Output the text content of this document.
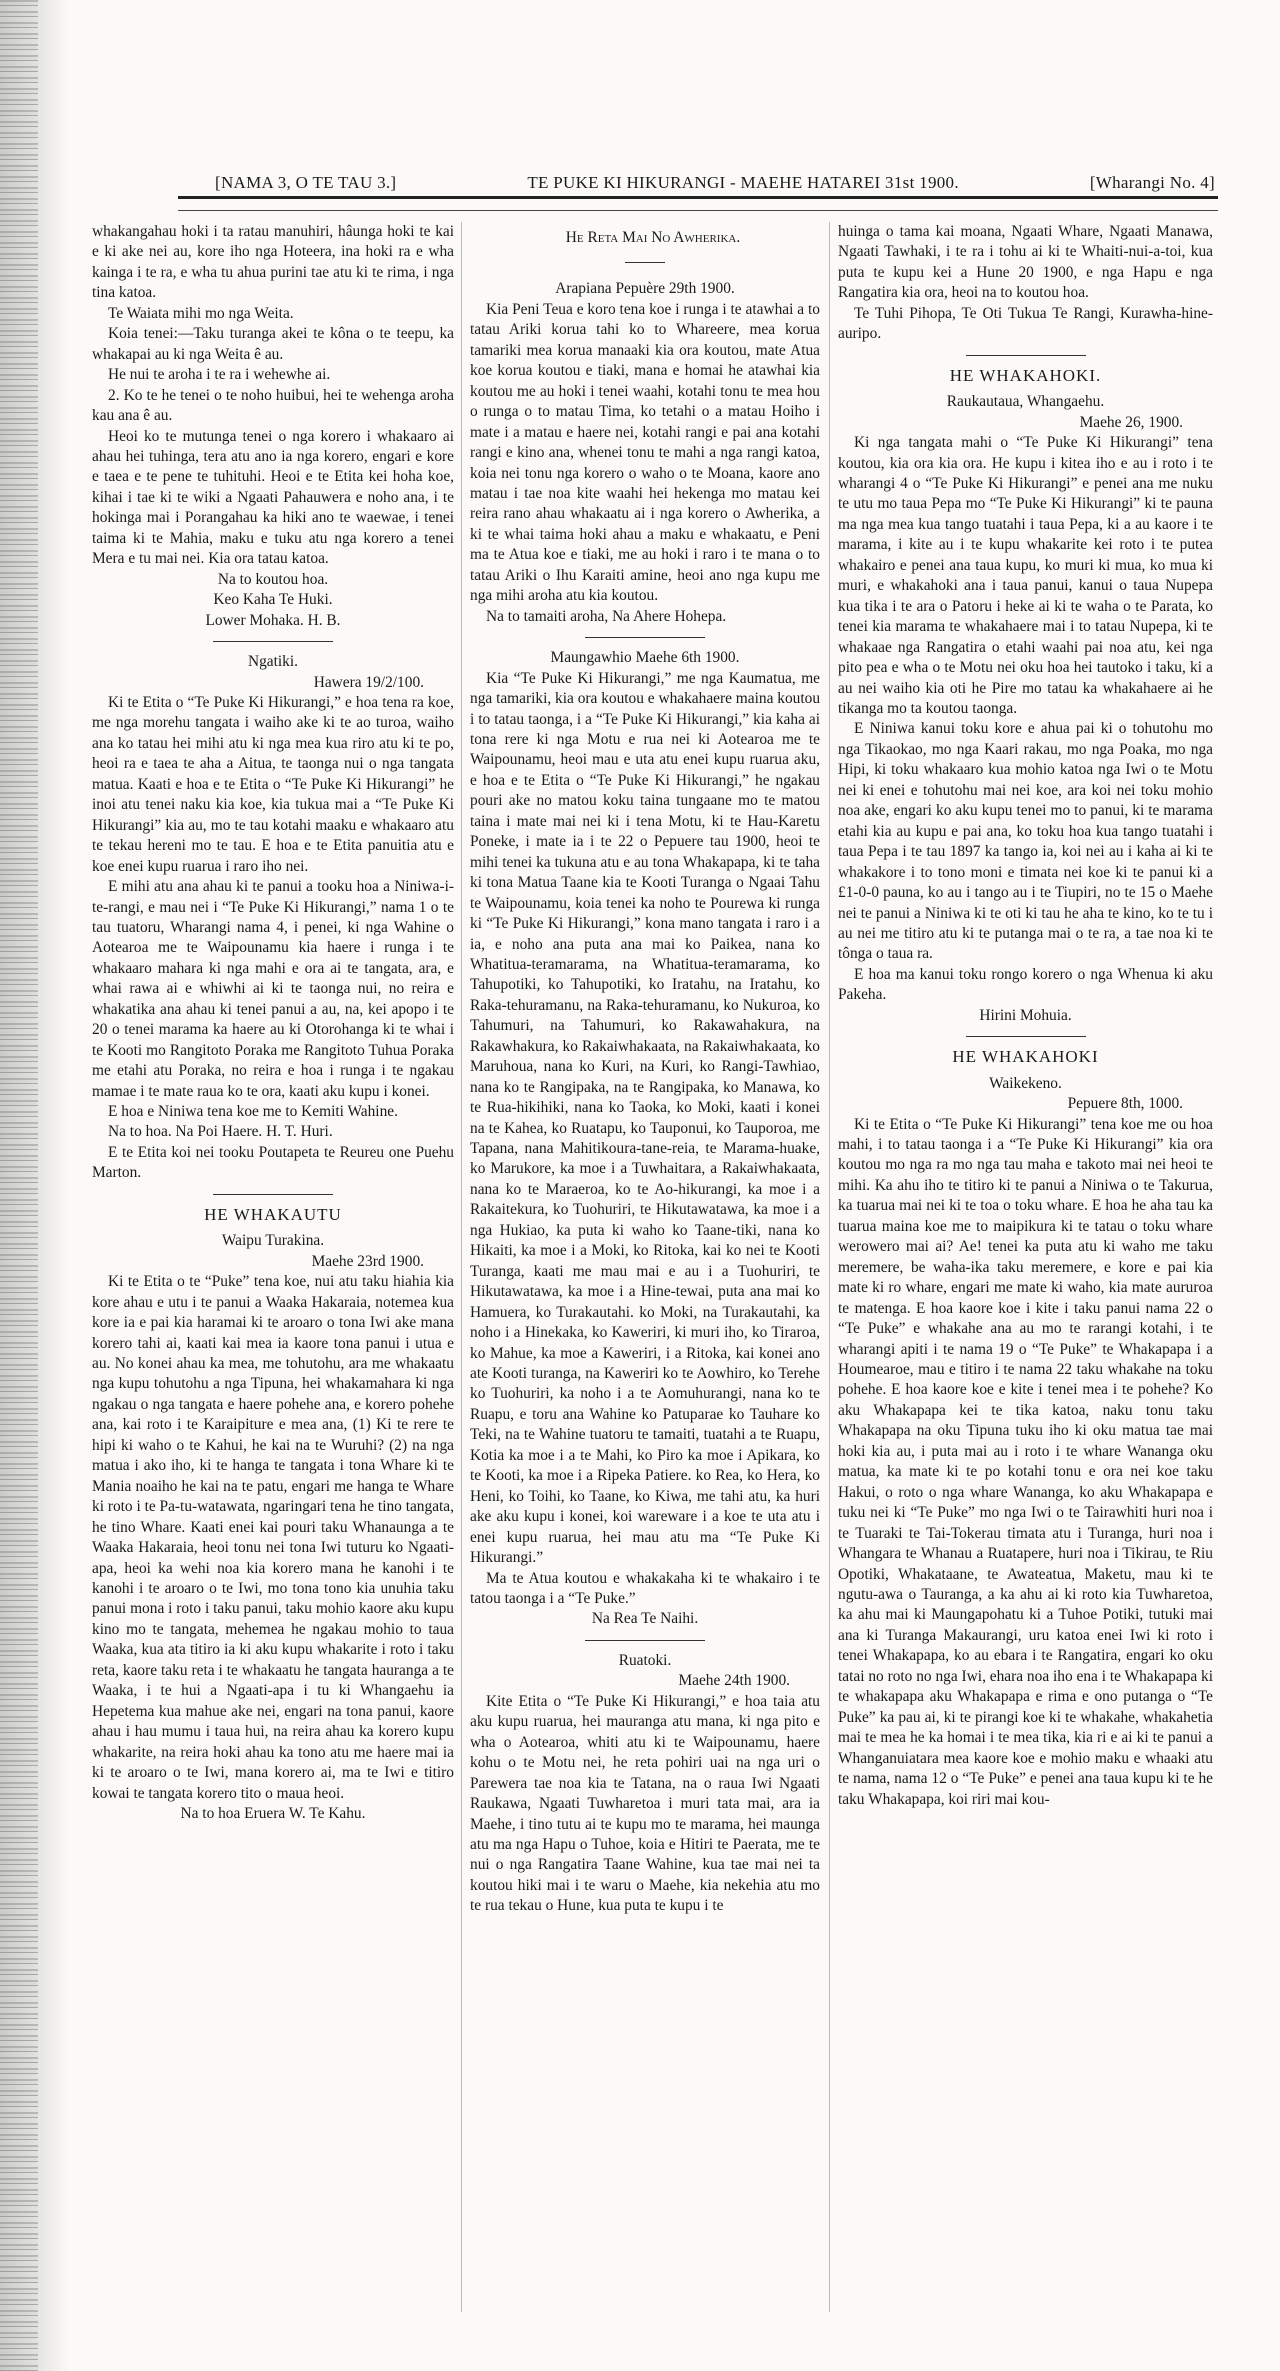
[NAMA 3, O TE TAU 3.]	TE PUKE KI HIKURANGI - MAEHE HATAREI 31st 1900.	[Wharangi No. 4]

whakangahau hoki i ta ratau manuhiri, hâunga hoki te kai e ki ake nei au, kore iho nga Hoteera, ina hoki ra e wha kainga i te ra, e wha tu ahua purini tae atu ki te rima, i nga tina katoa.

Te Waiata mihi mo nga Weita.

Koia tenei:—Taku turanga akei te kôna o te teepu, ka whakapai au ki nga Weita ê au.

He nui te aroha i te ra i wehewhe ai.

2. Ko te he tenei o te noho huibui, hei te wehenga aroha kau ana ê au.

Heoi ko te mutunga tenei o nga korero i whakaaro ai ahau hei tuhinga, tera atu ano ia nga korero, engari e kore e taea e te pene te tuhituhi. Heoi e te Etita kei hoha koe, kihai i tae ki te wiki a Ngaati Pahauwera e noho ana, i te hokinga mai i Porangahau ka hiki ano te waewae, i tenei taima ki te Mahia, maku e tuku atu nga korero a tenei Mera e tu mai nei. Kia ora tatau katoa.

Na to koutou hoa.

Keo Kaha Te Huki.

Lower Mohaka. H. B.

Ngatiki.

Hawera 19/2/100.

Ki te Etita o “Te Puke Ki Hikurangi,” e hoa tena ra koe, me nga morehu tangata i waiho ake ki te ao turoa, waiho ana ko tatau hei mihi atu ki nga mea kua riro atu ki te po, heoi ra e taea te aha a Aitua, te taonga nui o nga tangata matua. Kaati e hoa e te Etita o “Te Puke Ki Hikurangi” he inoi atu tenei naku kia koe, kia tukua mai a “Te Puke Ki Hikurangi” kia au, mo te tau kotahi maaku e whakaaro atu te tekau hereni mo te tau. E hoa e te Etita panuitia atu e koe enei kupu ruarua i raro iho nei.

E mihi atu ana ahau ki te panui a tooku hoa a Niniwa-i-te-rangi, e mau nei i “Te Puke Ki Hikurangi,” nama 1 o te tau tuatoru, Wharangi nama 4, i penei, ki nga Wahine o Aotearoa me te Waipounamu kia haere i runga i te whakaaro mahara ki nga mahi e ora ai te tangata, ara, e whai rawa ai e whiwhi ai ki te taonga nui, no reira e whakatika ana ahau ki tenei panui a au, na, kei apopo i te 20 o tenei marama ka haere au ki Otorohanga ki te whai i te Kooti mo Rangitoto Poraka me Rangitoto Tuhua Poraka me etahi atu Poraka, no reira e hoa i runga i te ngakau mamae i te mate raua ko te ora, kaati aku kupu i konei.

E hoa e Niniwa tena koe me to Kemiti Wahine.

Na to hoa. Na Poi Haere. H. T. Huri.

E te Etita koi nei tooku Poutapeta te Reureu one Puehu Marton.

HE WHAKAUTU

Waipu Turakina.

Maehe 23rd 1900.

Ki te Etita o te “Puke” tena koe, nui atu taku hiahia kia kore ahau e utu i te panui a Waaka Hakaraia, notemea kua kore ia e pai kia haramai ki te aroaro o tona Iwi ake mana korero tahi ai, kaati kai mea ia kaore tona panui i utua e au. No konei ahau ka mea, me tohutohu, ara me whakaatu nga kupu tohutohu a nga Tipuna, hei whakamahara ki nga ngakau o nga tangata e haere pohehe ana, e korero pohehe ana, kai roto i te Karaipiture e mea ana, (1) Ki te rere te hipi ki waho o te Kahui, he kai na te Wuruhi? (2) na nga matua i ako iho, ki te hanga te tangata i tona Whare ki te Mania noaiho he kai na te patu, engari me hanga te Whare ki roto i te Pa-tu-watawata, ngaringari tena he tino tangata, he tino Whare. Kaati enei kai pouri taku Whanaunga a te Waaka Hakaraia, heoi tonu nei tona Iwi tuturu ko Ngaati-apa, heoi ka wehi noa kia korero mana he kanohi i te kanohi i te aroaro o te Iwi, mo tona tono kia unuhia taku panui mona i roto i taku panui, taku mohio kaore aku kupu kino mo te tangata, mehemea he ngakau mohio to taua Waaka, kua ata titiro ia ki aku kupu whakarite i roto i taku reta, kaore taku reta i te whakaatu he tangata hauranga a te Waaka, i te hui a Ngaati-apa i tu ki Whangaehu ia Hepetema kua mahue ake nei, engari na tona panui, kaore ahau i hau mumu i taua hui, na reira ahau ka korero kupu whakarite, na reira hoki ahau ka tono atu me haere mai ia ki te aroaro o te Iwi, mana korero ai, ma te Iwi e titiro kowai te tangata korero tito o maua heoi.

Na to hoa Eruera W. Te Kahu.

He Reta Mai No Awherika.

Arapiana Pepuère 29th 1900.

Kia Peni Teua e koro tena koe i runga i te atawhai a to tatau Ariki korua tahi ko to Whareere, mea korua tamariki mea korua manaaki kia ora koutou, mate Atua koe korua koutou e tiaki, mana e homai he atawhai kia koutou me au hoki i tenei waahi, kotahi tonu te mea hou o runga o to matau Tima, ko tetahi o a matau Hoiho i mate i a matau e haere nei, kotahi rangi e pai ana kotahi rangi e kino ana, whenei tonu te mahi a nga rangi katoa, koia nei tonu nga korero o waho o te Moana, kaore ano matau i tae noa kite waahi hei hekenga mo matau kei reira rano ahau whakaatu ai i nga korero o Awherika, a ki te whai taima hoki ahau a maku e whakaatu, e Peni ma te Atua koe e tiaki, me au hoki i raro i te mana o to tatau Ariki o Ihu Karaiti amine, heoi ano nga kupu me nga mihi aroha atu kia koutou.

Na to tamaiti aroha, Na Ahere Hohepa.

Maungawhio Maehe 6th 1900.

Kia “Te Puke Ki Hikurangi,” me nga Kaumatua, me nga tamariki, kia ora koutou e whakahaere maina koutou i to tatau taonga, i a “Te Puke Ki Hikurangi,” kia kaha ai tona rere ki nga Motu e rua nei ki Aotearoa me te Waipounamu, heoi mau e uta atu enei kupu ruarua aku, e hoa e te Etita o “Te Puke Ki Hikurangi,” he ngakau pouri ake no matou koku taina tungaane mo te matou taina i mate mai nei ki i tena Motu, ki te Hau-Karetu Poneke, i mate ia i te 22 o Pepuere tau 1900, heoi te mihi tenei ka tukuna atu e au tona Whakapapa, ki te taha ki tona Matua Taane kia te Kooti Turanga o Ngaai Tahu te Waipounamu, koia tenei ka noho te Pourewa ki runga ki “Te Puke Ki Hikurangi,” kona mano tangata i raro i a ia, e noho ana puta ana mai ko Paikea, nana ko Whatitua-teramarama, na Whatitua-teramarama, ko Tahupotiki, ko Tahupotiki, ko Iratahu, na Iratahu, ko Raka-tehuramanu, na Raka-tehuramanu, ko Nukuroa, ko Tahumuri, na Tahumuri, ko Rakawahakura, na Rakawhakura, ko Rakaiwhakaata, na Rakaiwhakaata, ko Maruhoua, nana ko Kuri, na Kuri, ko Rangi-Tawhiao, nana ko te Rangipaka, na te Rangipaka, ko Manawa, ko te Rua-hikihiki, nana ko Taoka, ko Moki, kaati i konei na te Kahea, ko Ruatapu, ko Tauponui, ko Tauporoa, me Tapana, nana Mahitikoura-tane-reia, te Marama-huake, ko Marukore, ka moe i a Tuwhaitara, a Rakaiwhakaata, nana ko te Maraeroa, ko te Ao-hikurangi, ka moe i a Rakaitekura, ko Tuohuriri, te Hikutawatawa, ka moe i a nga Hukiao, ka puta ki waho ko Taane-tiki, nana ko Hikaiti, ka moe i a Moki, ko Ritoka, kai ko nei te Kooti Turanga, kaati me mau mai e au i a Tuohuriri, te Hikutawatawa, ka moe i a Hine-tewai, puta ana mai ko Hamuera, ko Turakautahi. ko Moki, na Turakautahi, ka noho i a Hinekaka, ko Kaweriri, ki muri iho, ko Tiraroa, ko Mahue, ka moe a Kaweriri, i a Ritoka, kai konei ano ate Kooti turanga, na Kaweriri ko te Aowhiro, ko Terehe ko Tuohuriri, ka noho i a te Aomuhurangi, nana ko te Ruapu, e toru ana Wahine ko Patuparae ko Tauhare ko Teki, na te Wahine tuatoru te tamaiti, tuatahi a te Ruapu, Kotia ka moe i a te Mahi, ko Piro ka moe i Apikara, ko te Kooti, ka moe i a Ripeka Patiere. ko Rea, ko Hera, ko Heni, ko Toihi, ko Taane, ko Kiwa, me tahi atu, ka huri ake aku kupu i konei, koi wareware i a koe te uta atu i enei kupu ruarua, hei mau atu ma “Te Puke Ki Hikurangi.”

Ma te Atua koutou e whakakaha ki te whakairo i te tatou taonga i a “Te Puke.”

Na Rea Te Naihi.

Ruatoki.

Maehe 24th 1900.

Kite Etita o “Te Puke Ki Hikurangi,” e hoa taia atu aku kupu ruarua, hei mauranga atu mana, ki nga pito e wha o Aotearoa, whiti atu ki te Waipounamu, haere kohu o te Motu nei, he reta pohiri uai na nga uri o Parewera tae noa kia te Tatana, na o raua Iwi Ngaati Raukawa, Ngaati Tuwharetoa i muri tata mai, ara ia Maehe, i tino tutu ai te kupu mo te marama, hei maunga atu ma nga Hapu o Tuhoe, koia e Hitiri te Paerata, me te nui o nga Rangatira Taane Wahine, kua tae mai nei ta koutou hiki mai i te waru o Maehe, kia nekehia atu mo te rua tekau o Hune, kua puta te kupu i te

huinga o tama kai moana, Ngaati Whare, Ngaati Manawa, Ngaati Tawhaki, i te ra i tohu ai ki te Whaiti-nui-a-toi, kua puta te kupu kei a Hune 20 1900, e nga Hapu e nga Rangatira kia ora, heoi na to koutou hoa.

Te Tuhi Pihopa, Te Oti Tukua Te Rangi, Kurawha-hine-auripo.

HE WHAKAHOKI.

Raukautaua, Whangaehu.

Maehe 26, 1900.

Ki nga tangata mahi o “Te Puke Ki Hikurangi” tena koutou, kia ora kia ora. He kupu i kitea iho e au i roto i te wharangi 4 o “Te Puke Ki Hikurangi” e penei ana me nuku te utu mo taua Pepa mo “Te Puke Ki Hikurangi” ki te pauna ma nga mea kua tango tuatahi i taua Pepa, ki a au kaore i te marama, i kite au i te kupu whakarite kei roto i te putea whakairo e penei ana taua kupu, ko muri ki mua, ko mua ki muri, e whakahoki ana i taua panui, kanui o taua Nupepa kua tika i te ara o Patoru i heke ai ki te waha o te Parata, ko tenei kia marama te whakahaere mai i to tatau Nupepa, ki te whakaae nga Rangatira o etahi waahi pai noa atu, kei nga pito pea e wha o te Motu nei oku hoa hei tautoko i taku, ki a au nei waiho kia oti he Pire mo tatau ka whakahaere ai he tikanga mo ta koutou taonga.

E Niniwa kanui toku kore e ahua pai ki o tohutohu mo nga Tikaokao, mo nga Kaari rakau, mo nga Poaka, mo nga Hipi, ki toku whakaaro kua mohio katoa nga Iwi o te Motu nei ki enei e tohutohu mai nei koe, ara koi nei toku mohio noa ake, engari ko aku kupu tenei mo to panui, ki te marama etahi kia au kupu e pai ana, ko toku hoa kua tango tuatahi i taua Pepa i te tau 1897 ka tango ia, koi nei au i kaha ai ki te whakakore i to tono moni e timata nei koe ki te panui ki a £1-0-0 pauna, ko au i tango au i te Tiupiri, no te 15 o Maehe nei te panui a Niniwa ki te oti ki tau he aha te kino, ko te tu i au nei me titiro atu ki te putanga mai o te ra, a tae noa ki te tônga o taua ra.

E hoa ma kanui toku rongo korero o nga Whenua ki aku Pakeha.

Hirini Mohuia.

HE WHAKAHOKI

Waikekeno.

Pepuere 8th, 1000.

Ki te Etita o “Te Puke Ki Hikurangi” tena koe me ou hoa mahi, i to tatau taonga i a “Te Puke Ki Hikurangi” kia ora koutou mo nga ra mo nga tau maha e takoto mai nei heoi te mihi. Ka ahu iho te titiro ki te panui a Niniwa o te Takurua, ka tuarua mai nei ki te toa o toku whare. E hoa he aha tau ka tuarua maina koe me to maipikura ki te tatau o toku whare werowero mai ai? Ae! tenei ka puta atu ki waho me taku meremere, be waha-ika taku meremere, e kore e pai kia mate ki ro whare, engari me mate ki waho, kia mate aururoa te matenga. E hoa kaore koe i kite i taku panui nama 22 o “Te Puke” e whakahe ana au mo te rarangi kotahi, i te wharangi apiti i te nama 19 o “Te Puke” te Whakapapa i a Houmearoe, mau e titiro i te nama 22 taku whakahe na toku pohehe. E hoa kaore koe e kite i tenei mea i te pohehe? Ko aku Whakapapa kei te tika katoa, naku tonu taku Whakapapa na oku Tipuna tuku iho ki oku matua tae mai hoki kia au, i puta mai au i roto i te whare Wananga oku matua, ka mate ki te po kotahi tonu e ora nei koe taku Hakui, o roto o nga whare Wananga, ko aku Whakapapa e tuku nei ki “Te Puke” mo nga Iwi o te Tairawhiti huri noa i te Tuaraki te Tai-Tokerau timata atu i Turanga, huri noa i Whangara te Whanau a Ruatapere, huri noa i Tikirau, te Riu Opotiki, Whakataane, te Awateatua, Maketu, mau ki te ngutu-awa o Tauranga, a ka ahu ai ki roto kia Tuwharetoa, ka ahu mai ki Maungapohatu ki a Tuhoe Potiki, tutuki mai ana ki Turanga Makaurangi, uru katoa enei Iwi ki roto i tenei Whakapapa, ko au ebara i te Rangatira, engari ko oku tatai no roto no nga Iwi, ehara noa iho ena i te Whakapapa ki te whakapapa aku Whakapapa e rima e ono putanga o “Te Puke” ka pau ai, ki te pirangi koe ki te whakahe, whakahetia mai te mea he ka homai i te mea tika, kia ri e ai ki te panui a Whanganuiatara mea kaore koe e mohio maku e whaaki atu te nama, nama 12 o “Te Puke” e penei ana taua kupu ki te he taku Whakapapa, koi riri mai kou-
